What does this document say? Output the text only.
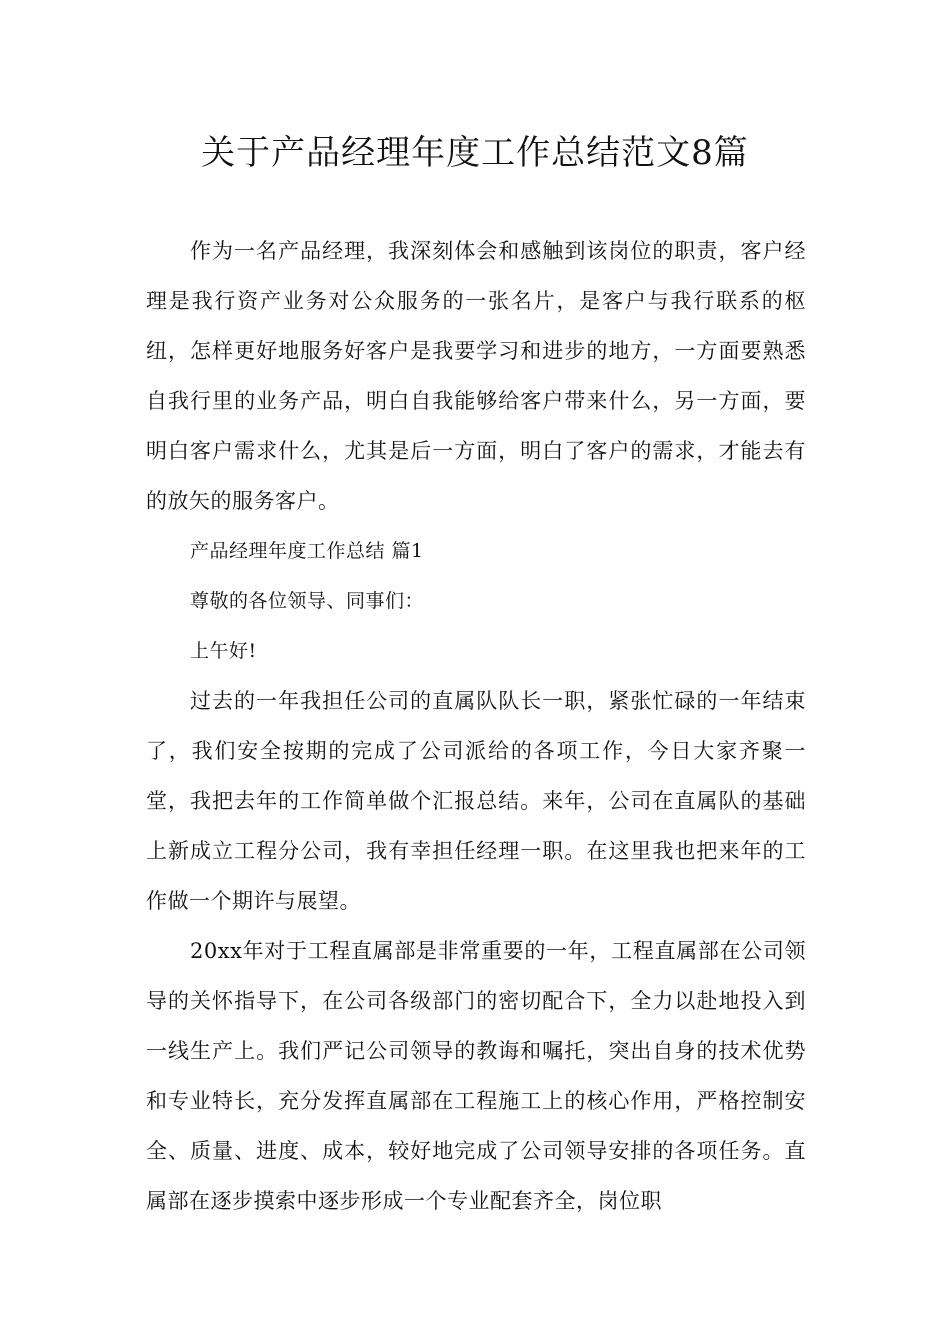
关于产品经理年度工作总结范文8篇

作为一名产品经理，我深刻体会和感触到该岗位的职责，客户经理是我行资产业务对公众服务的一张名片，是客户与我行联系的枢纽，怎样更好地服务好客户是我要学习和进步的地方，一方面要熟悉自我行里的业务产品，明白自我能够给客户带来什么，另一方面，要明白客户需求什么，尤其是后一方面，明白了客户的需求，才能去有的放矢的服务客户。

产品经理年度工作总结 篇1

尊敬的各位领导、同事们：

上午好!

过去的一年我担任公司的直属队队长一职，紧张忙碌的一年结束了，我们安全按期的完成了公司派给的各项工作，今日大家齐聚一堂，我把去年的工作简单做个汇报总结。来年，公司在直属队的基础上新成立工程分公司，我有幸担任经理一职。在这里我也把来年的工作做一个期许与展望。

20xx年对于工程直属部是非常重要的一年，工程直属部在公司领导的关怀指导下，在公司各级部门的密切配合下，全力以赴地投入到一线生产上。我们严记公司领导的教诲和嘱托，突出自身的技术优势和专业特长，充分发挥直属部在工程施工上的核心作用，严格控制安全、质量、进度、成本，较好地完成了公司领导安排的各项任务。直属部在逐步摸索中逐步形成一个专业配套齐全，岗位职
